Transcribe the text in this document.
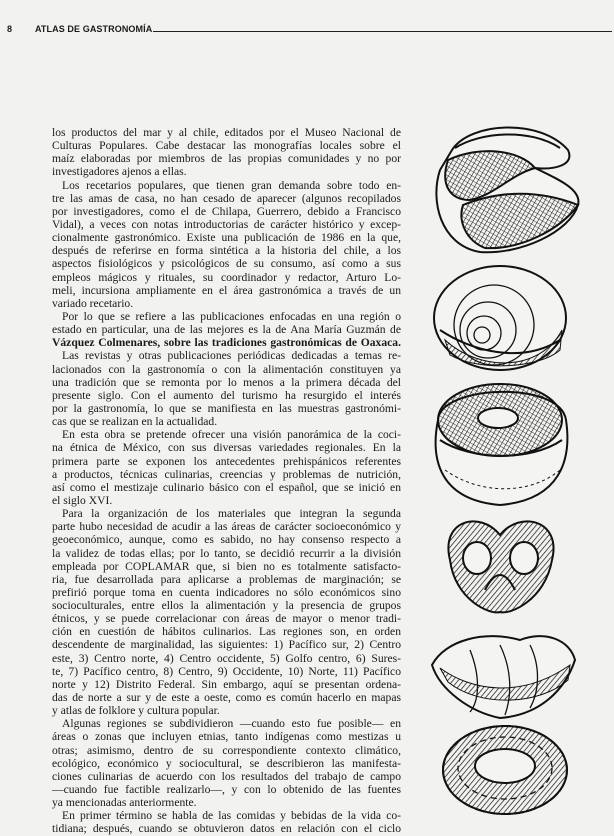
8	ATLAS DE GASTRONOMÍA
los productos del mar y al chile, editados por el Museo Nacional de
Culturas Populares. Cabe destacar las monografías locales sobre el
maíz elaboradas por miembros de las propias comunidades y no por
investigadores ajenos a ellas.
Los recetarios populares, que tienen gran demanda sobre todo en-
tre las amas de casa, no han cesado de aparecer (algunos recopilados
por investigadores, como el de Chilapa, Guerrero, debido a Francisco
Vidal), a veces con notas introductorias de carácter histórico y excep-
cionalmente gastronómico. Existe una publicación de 1986 en la que,
después de referirse en forma sintética a la historia del chile, a los
aspectos fisiológicos y psicológicos de su consumo, así como a sus
empleos mágicos y rituales, su coordinador y redactor, Arturo Lo-
meli, incursiona ampliamente en el área gastronómica a través de un
variado recetario.
Por lo que se refiere a las publicaciones enfocadas en una región o
estado en particular, una de las mejores es la de Ana María Guzmán de
Vázquez Colmenares, sobre las tradiciones gastronómicas de Oaxaca.
Las revistas y otras publicaciones periódicas dedicadas a temas re-
lacionados con la gastronomía o con la alimentación constituyen ya
una tradición que se remonta por lo menos a la primera década del
presente siglo. Con el aumento del turismo ha resurgido el interés
por la gastronomía, lo que se manifiesta en las muestras gastronómi-
cas que se realizan en la actualidad.
En esta obra se pretende ofrecer una visión panorámica de la coci-
na étnica de México, con sus diversas variedades regionales. En la
primera parte se exponen los antecedentes prehispánicos referentes
a productos, técnicas culinarias, creencias y problemas de nutrición,
así como el mestizaje culinario básico con el español, que se inició en
el siglo XVI.
Para la organización de los materiales que integran la segunda
parte hubo necesidad de acudir a las áreas de carácter socioeconómico y
geoeconómico, aunque, como es sabido, no hay consenso respecto a
la validez de todas ellas; por lo tanto, se decidió recurrir a la división
empleada por COPLAMAR que, si bien no es totalmente satisfacto-
ria, fue desarrollada para aplicarse a problemas de marginación; se
prefirió porque toma en cuenta indicadores no sólo económicos sino
socioculturales, entre ellos la alimentación y la presencia de grupos
étnicos, y se puede correlacionar con áreas de mayor o menor tradi-
ción en cuestión de hábitos culinarios. Las regiones son, en orden
descendente de marginalidad, las siguientes: 1) Pacífico sur, 2) Centro
este, 3) Centro norte, 4) Centro occidente, 5) Golfo centro, 6) Sures-
te, 7) Pacífico centro, 8) Centro, 9) Occidente, 10) Norte, 11) Pacífico
norte y 12) Distrito Federal. Sin embargo, aquí se presentan ordena-
das de norte a sur y de este a oeste, como es común hacerlo en mapas
y atlas de folklore y cultura popular.
Algunas regiones se subdividieron —cuando esto fue posible— en
áreas o zonas que incluyen etnias, tanto indígenas como mestizas u
otras; asimismo, dentro de su correspondiente contexto climático,
ecológico, económico y sociocultural, se describieron las manifesta-
ciones culinarias de acuerdo con los resultados del trabajo de campo
—cuando fue factible realizarlo—, y con lo obtenido de las fuentes
ya mencionadas anteriormente.
En primer término se habla de las comidas y bebidas de la vida co-
tidiana; después, cuando se obtuvieron datos en relación con el ciclo
